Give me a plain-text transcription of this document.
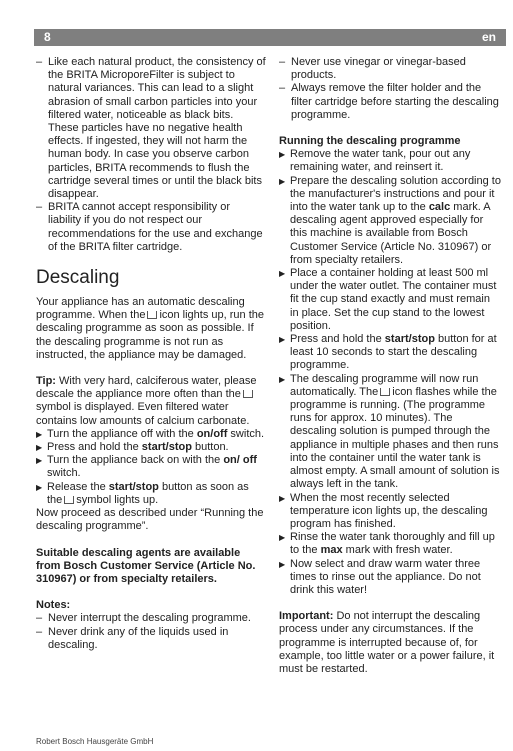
8	en

– Like each natural product, the consistency of the BRITA MicroporeFilter is subject to natural variances. This can lead to a slight abrasion of small carbon particles into your filtered water, noticeable as black bits. These particles have no negative health effects. If ingested, they will not harm the human body. In case you observe carbon particles, BRITA recommends to flush the cartridge several times or until the black bits disappear.

– BRITA cannot accept responsibility or liability if you do not respect our recommendations for the use and exchange of the BRITA filter cartridge.

Descaling

Your appliance has an automatic descaling programme. When the icon lights up, run the descaling programme as soon as possible. If the descaling programme is not run as instructed, the appliance may be damaged.

Tip: With very hard, calciferous water, please descale the appliance more often than thesymbol is displayed. Even filtered water contains low amounts of calcium carbonate.

▶ Turn the appliance off with the on/off switch.

▶ Press and hold the start/stop button.

▶ Turn the appliance back on with the on/ off switch.

▶ Release the start/stop button as soon as the symbol lights up.

Now proceed as described under “Running the descaling programme”.

Suitable descaling agents are available from Bosch Customer Service (Article No. 310967) or from specialty retailers.

Notes:

– Never interrupt the descaling programme.

– Never drink any of the liquids used in descaling.

– Never use vinegar or vinegar-based products.

– Always remove the filter holder and the filter cartridge before starting the descaling programme.

Running the descaling programme

▶ Remove the water tank, pour out any remaining water, and reinsert it.

▶ Prepare the descaling solution according to the manufacturer's instructions and pour it into the water tank up to the calc mark. A descaling agent approved especially for this machine is available from Bosch Customer Service (Article No. 310967) or from specialty retailers.

▶ Place a container holding at least 500 ml under the water outlet. The container must fit the cup stand exactly and must remain in place. Set the cup stand to the lowest position.

▶ Press and hold the start/stop button for at least 10 seconds to start the descaling programme.

▶ The descaling programme will now run automatically. The icon flashes while the programme is running. (The programme runs for approx. 10 minutes). The descaling solution is pumped through the appliance in multiple phases and then runs into the container until the water tank is almost empty. A small amount of solution is always left in the tank.

▶ When the most recently selected temperature icon lights up, the descaling program has finished.

▶ Rinse the water tank thoroughly and fill up to the max mark with fresh water.

▶ Now select and draw warm water three times to rinse out the appliance. Do not drink this water!

Important: Do not interrupt the descaling process under any circumstances. If the programme is interrupted because of, for example, too little water or a power failure, it must be restarted.

Robert Bosch Hausgeräte GmbH
